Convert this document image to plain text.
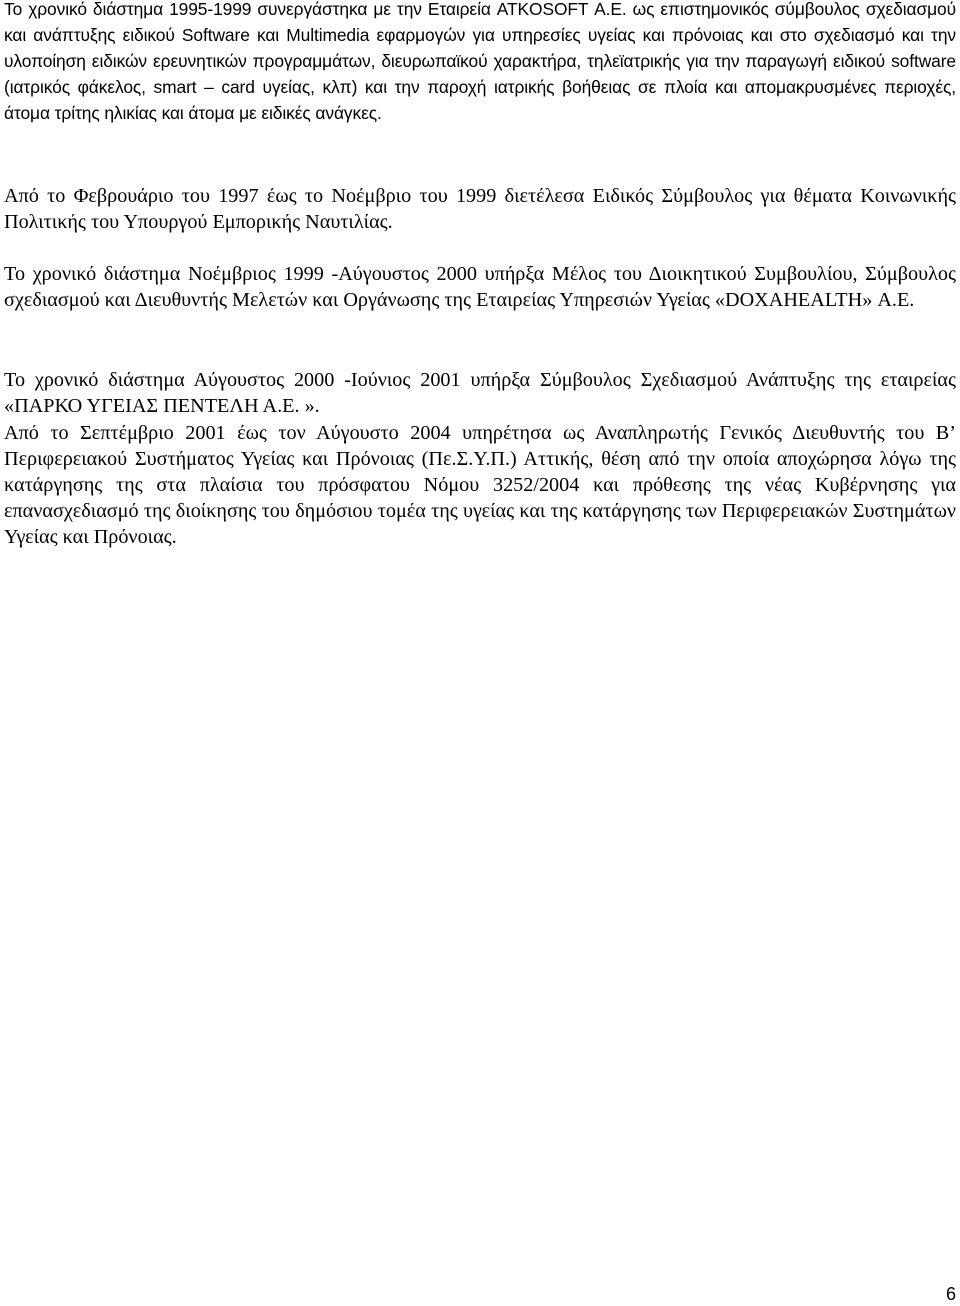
Το χρονικό διάστημα 1995-1999 συνεργάστηκα με την Εταιρεία ATKOSOFT Α.Ε. ως επιστημονικός σύμβουλος σχεδιασμού και ανάπτυξης ειδικού Software και Multimedia εφαρμογών για υπηρεσίες υγείας και πρόνοιας και στο σχεδιασμό και την υλοποίηση ειδικών ερευνητικών προγραμμάτων, διευρωπαϊκού χαρακτήρα, τηλεϊατρικής για την παραγωγή ειδικού software (ιατρικός φάκελος, smart – card υγείας, κλπ) και την παροχή ιατρικής βοήθειας σε πλοία και απομακρυσμένες περιοχές, άτομα τρίτης ηλικίας και άτομα με ειδικές ανάγκες.

Από το Φεβρουάριο του 1997 έως το Νοέμβριο του 1999 διετέλεσα Ειδικός Σύμβουλος για θέματα Κοινωνικής Πολιτικής του Υπουργού Εμπορικής Ναυτιλίας.

Το χρονικό διάστημα Νοέμβριος 1999 -Αύγουστος 2000 υπήρξα Μέλος του Διοικητικού Συμβουλίου, Σύμβουλος σχεδιασμού και Διευθυντής Μελετών και Οργάνωσης της Εταιρείας Υπηρεσιών Υγείας «DOXAHEALTH» Α.Ε.

Το χρονικό διάστημα Αύγουστος 2000 -Ιούνιος 2001 υπήρξα Σύμβουλος Σχεδιασμού Ανάπτυξης της εταιρείας «ΠΑΡΚΟ ΥΓΕΙΑΣ ΠΕΝΤΕΛΗ Α.Ε. ».

Από το Σεπτέμβριο 2001 έως τον Αύγουστο 2004 υπηρέτησα ως Αναπληρωτής Γενικός Διευθυντής του Β’ Περιφερειακού Συστήματος Υγείας και Πρόνοιας (Πε.Σ.Υ.Π.) Αττικής, θέση από την οποία αποχώρησα λόγω της κατάργησης της στα πλαίσια του πρόσφατου Νόμου 3252/2004 και πρόθεσης της νέας Κυβέρνησης για επανασχεδιασμό της διοίκησης του δημόσιου τομέα της υγείας και της κατάργησης των Περιφερειακών Συστημάτων Υγείας και Πρόνοιας.

6
